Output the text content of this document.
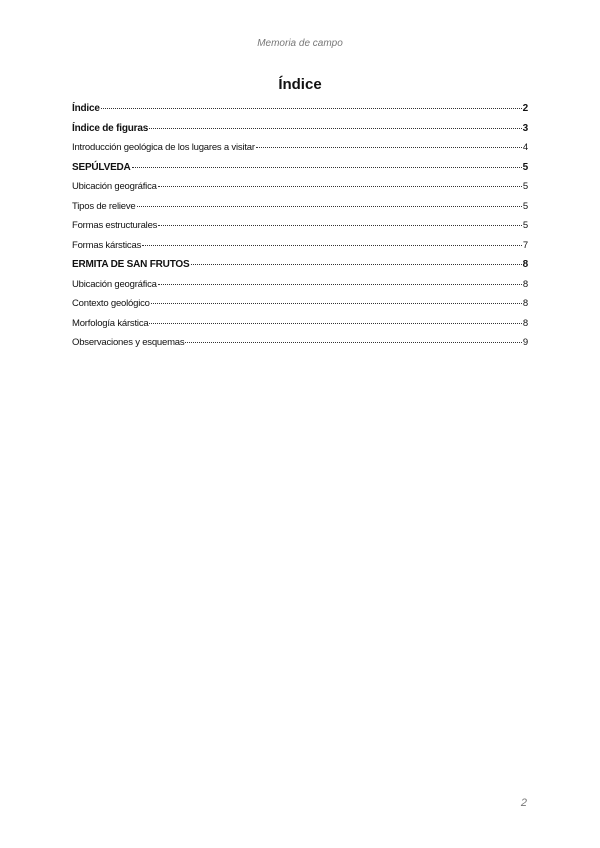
Memoria de campo
Índice
Índice	2
Índice de figuras	3
Introducción geológica de los lugares a visitar	4
SEPÚLVEDA	5
Ubicación geográfica	5
Tipos de relieve	5
Formas estructurales	5
Formas kársticas	7
ERMITA DE SAN FRUTOS	8
Ubicación geográfica	8
Contexto geológico	8
Morfología kárstica	8
Observaciones y esquemas	9
2
